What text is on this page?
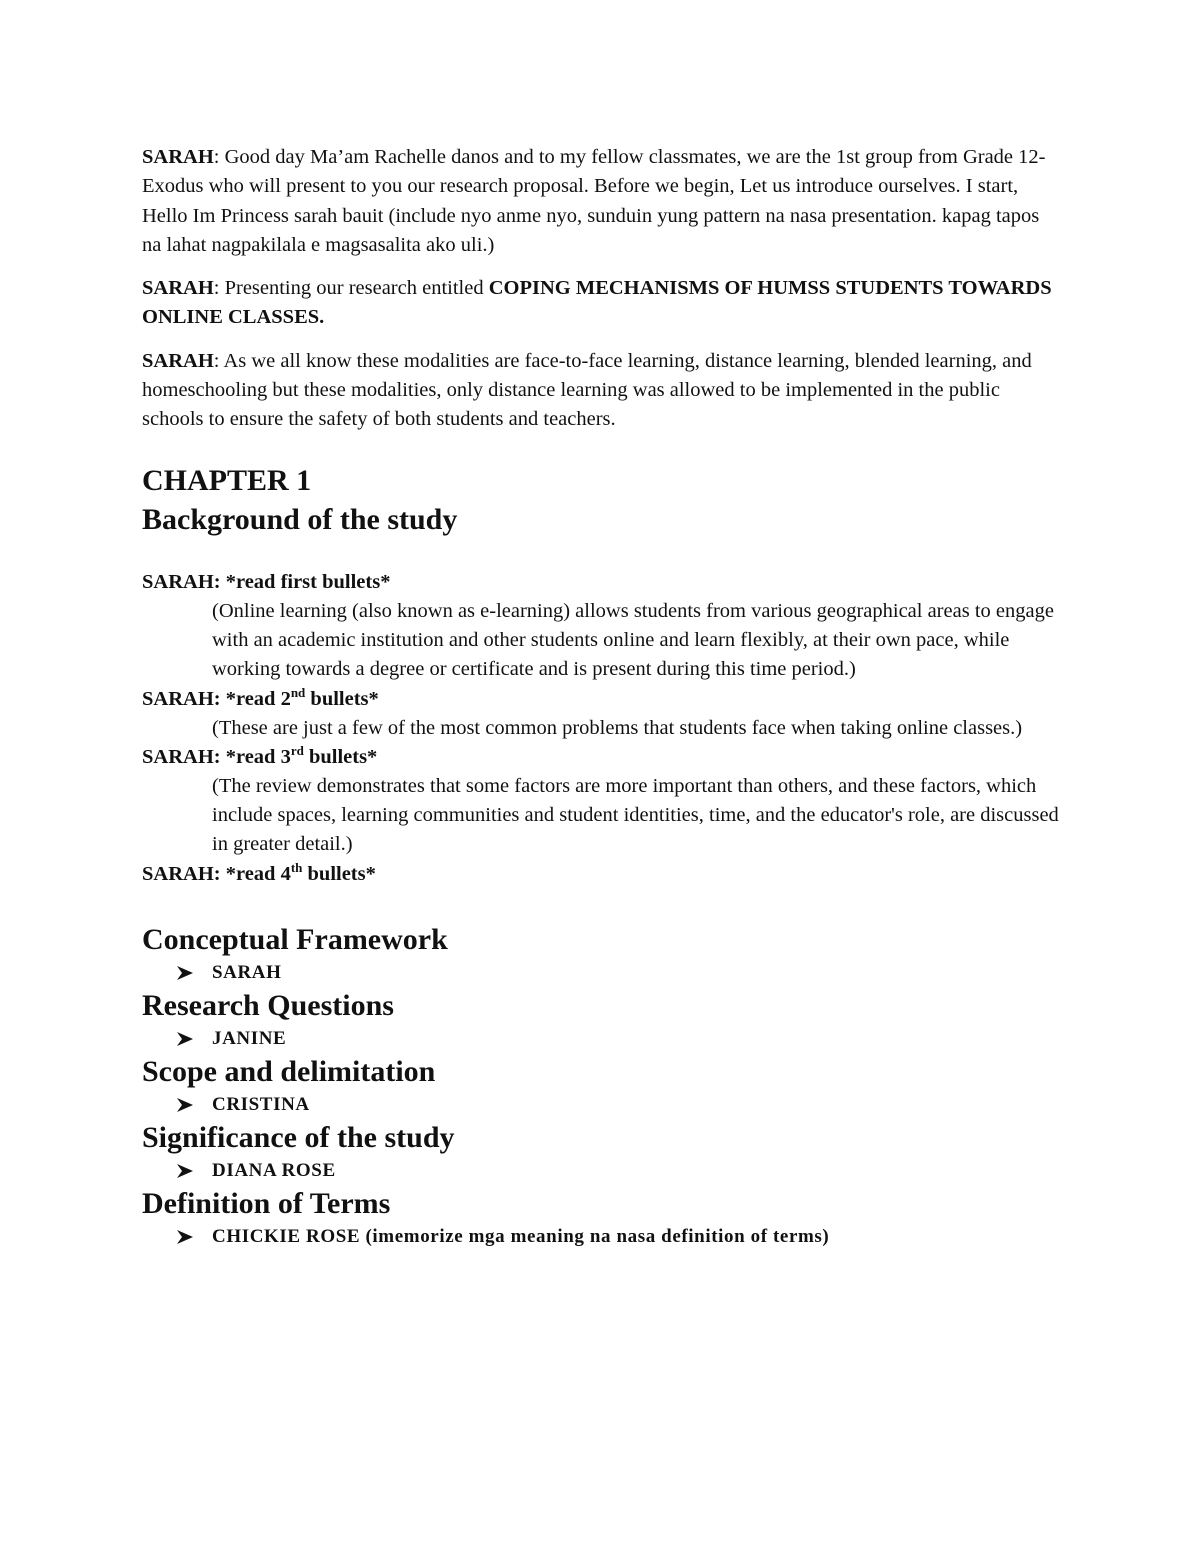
SARAH: Good day Ma’am Rachelle danos and to my fellow classmates, we are the 1st group from Grade 12-Exodus who will present to you our research proposal. Before we begin, Let us introduce ourselves. I start, Hello Im Princess sarah bauit (include nyo anme nyo, sunduin yung pattern na nasa presentation. kapag tapos na lahat nagpakilala e magsasalita ako uli.)

SARAH: Presenting our research entitled COPING MECHANISMS OF HUMSS STUDENTS TOWARDS ONLINE CLASSES.

SARAH: As we all know these modalities are face-to-face learning, distance learning, blended learning, and homeschooling but these modalities, only distance learning was allowed to be implemented in the public schools to ensure the safety of both students and teachers.

CHAPTER 1
Background of the study
SARAH: *read first bullets*
(Online learning (also known as e-learning) allows students from various geographical areas to engage with an academic institution and other students online and learn flexibly, at their own pace, while working towards a degree or certificate and is present during this time period.)
SARAH: *read 2nd bullets*
(These are just a few of the most common problems that students face when taking online classes.)
SARAH: *read 3rd bullets*
(The review demonstrates that some factors are more important than others, and these factors, which include spaces, learning communities and student identities, time, and the educator's role, are discussed in greater detail.)
SARAH: *read 4th bullets*
Conceptual Framework
SARAH
Research Questions
JANINE
Scope and delimitation
CRISTINA
Significance of the study
DIANA ROSE
Definition of Terms
CHICKIE ROSE (imemorize mga meaning na nasa definition of terms)
